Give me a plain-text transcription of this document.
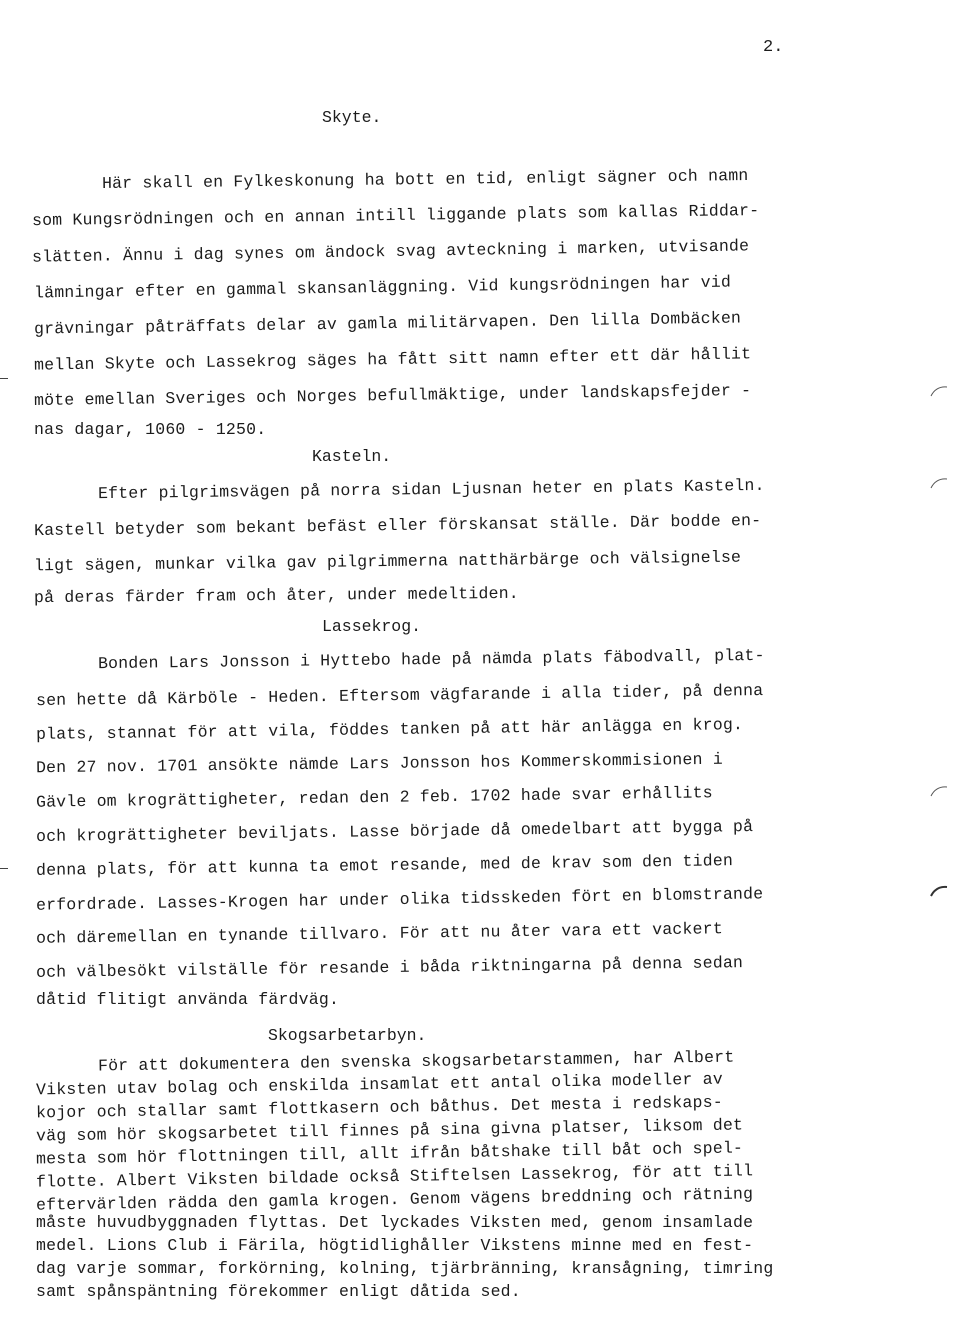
2.
Skyte.
Här skall en Fylkeskonung ha bott en tid, enligt sägner och namn
som Kungsrödningen och en annan intill liggande plats som kallas Riddar-
slätten. Ännu i dag synes om ändock svag avteckning i marken, utvisande
lämningar efter en gammal skansanläggning. Vid kungsrödningen har vid
grävningar påträffats delar av gamla militärvapen. Den lilla Dombäcken
mellan Skyte och Lassekrog säges ha fått sitt namn efter ett där hållit
möte emellan Sveriges och Norges befullmäktige, under landskapsfejder -
nas dagar, 1060 - 1250.
Kasteln.
Efter pilgrimsvägen på norra sidan Ljusnan heter en plats Kasteln.
Kastell betyder som bekant befäst eller förskansat ställe. Där bodde en-
ligt sägen, munkar vilka gav pilgrimmerna natthärbärge och välsignelse
på deras färder fram och åter, under medeltiden.
Lassekrog.
Bonden Lars Jonsson i Hyttebo hade på nämda plats fäbodvall, plat-
sen hette då Kärböle - Heden. Eftersom vägfarande i alla tider, på denna
plats, stannat för att vila, föddes tanken på att här anlägga en krog.
Den 27 nov. 1701 ansökte nämde Lars Jonsson hos Kommerskommisionen i
Gävle om krogrättigheter, redan den 2 feb. 1702 hade svar erhållits
och krogrättigheter beviljats. Lasse började då omedelbart att bygga på
denna plats, för att kunna ta emot resande, med de krav som den tiden
erfordrade. Lasses-Krogen har under olika tidsskeden fört en blomstrande
och däremellan en tynande tillvaro. För att nu åter vara ett vackert
och välbesökt vilställe för resande i båda riktningarna på denna sedan
dåtid flitigt använda färdväg.
Skogsarbetarbyn.
För att dokumentera den svenska skogsarbetarstammen, har Albert
Viksten utav bolag och enskilda insamlat ett antal olika modeller av
kojor och stallar samt flottkasern och båthus. Det mesta i redskaps-
väg som hör skogsarbetet till finnes på sina givna platser, liksom det
mesta som hör flottningen till, allt ifrån båtshake till båt och spel-
flotte. Albert Viksten bildade också Stiftelsen Lassekrog, för att till
eftervärlden rädda den gamla krogen. Genom vägens breddning och rätning
måste huvudbyggnaden flyttas. Det lyckades Viksten med, genom insamlade
medel. Lions Club i Färila, högtidlighåller Vikstens minne med en fest-
dag varje sommar, forkörning, kolning, tjärbränning, kransågning, timring
samt spånspäntning förekommer enligt dåtida sed.
